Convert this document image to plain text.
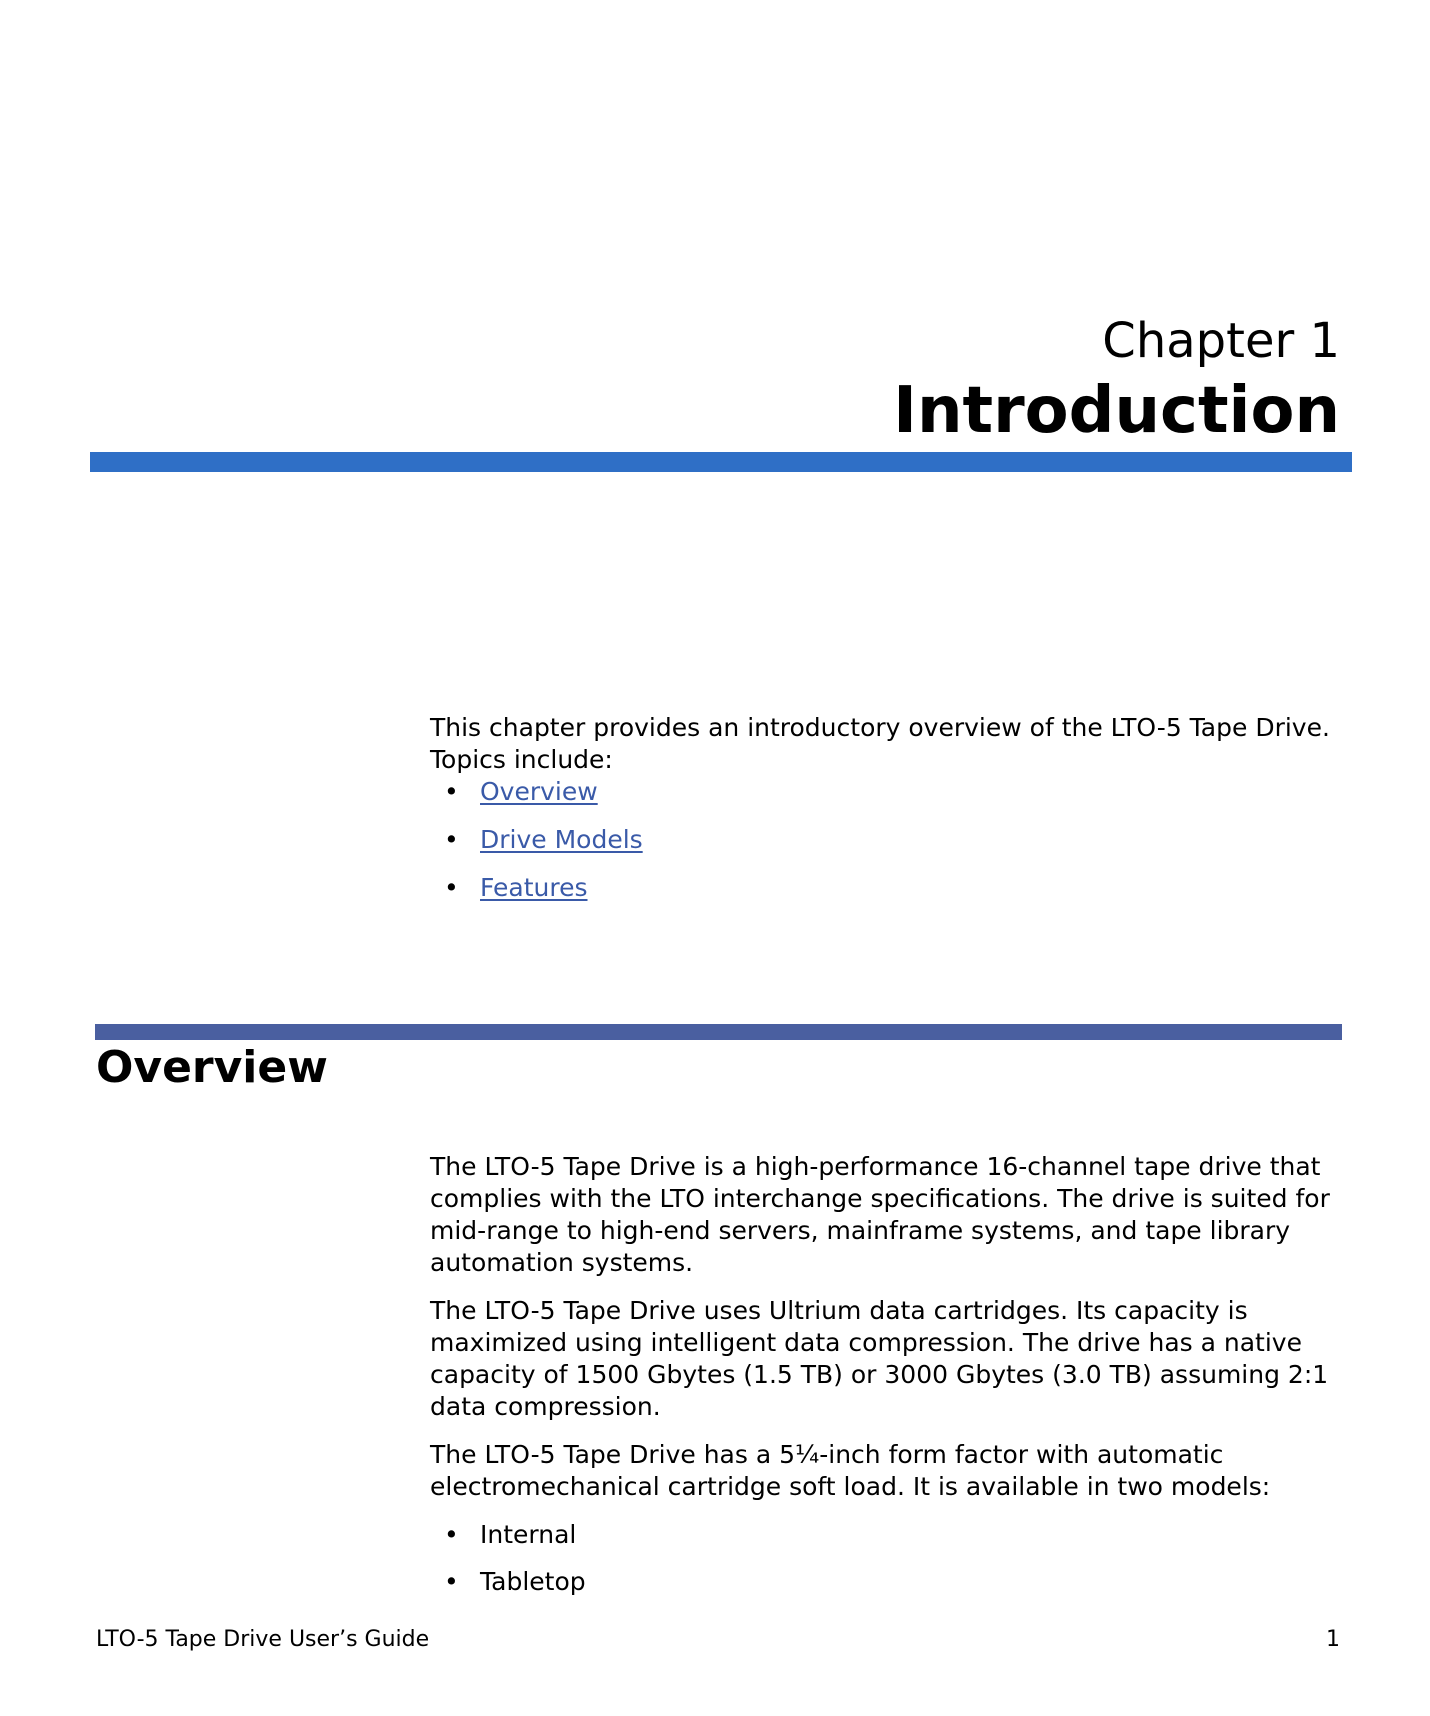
Chapter 1
Introduction

This chapter provides an introductory overview of the LTO-5 Tape Drive. Topics include:

• Overview
• Drive Models
• Features
Overview

The LTO-5 Tape Drive is a high-performance 16-channel tape drive that complies with the LTO interchange specifications. The drive is suited for mid-range to high-end servers, mainframe systems, and tape library automation systems.

The LTO-5 Tape Drive uses Ultrium data cartridges. Its capacity is maximized using intelligent data compression. The drive has a native capacity of 1500 Gbytes (1.5 TB) or 3000 Gbytes (3.0 TB) assuming 2:1 data compression.

The LTO-5 Tape Drive has a 5¼-inch form factor with automatic electromechanical cartridge soft load. It is available in two models:

• Internal
• Tabletop
LTO-5 Tape Drive User’s Guide	1
